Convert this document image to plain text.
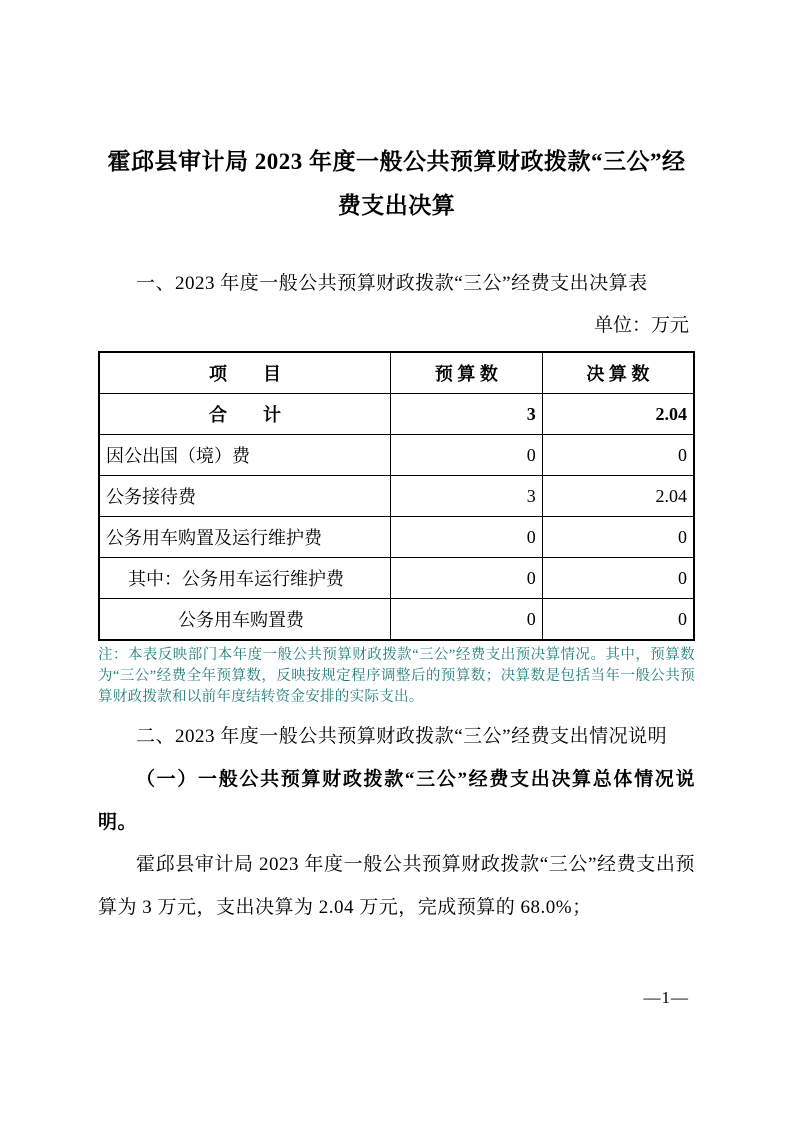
霍邱县审计局 2023 年度一般公共预算财政拨款“三公”经费支出决算

一、2023 年度一般公共预算财政拨款“三公”经费支出决算表

单位：万元

项　　目	预 算 数	决 算 数
合　　计	3	2.04
因公出国（境）费	0	0
公务接待费	3	2.04
公务用车购置及运行维护费	0	0
其中：公务用车运行维护费	0	0
公务用车购置费	0	0

注：本表反映部门本年度一般公共预算财政拨款“三公”经费支出预决算情况。其中，预算数为“三公”经费全年预算数，反映按规定程序调整后的预算数；决算数是包括当年一般公共预算财政拨款和以前年度结转资金安排的实际支出。

二、2023 年度一般公共预算财政拨款“三公”经费支出情况说明

（一）一般公共预算财政拨款“三公”经费支出决算总体情况说明。

霍邱县审计局 2023 年度一般公共预算财政拨款“三公”经费支出预算为 3 万元，支出决算为 2.04 万元，完成预算的 68.0%；

—1—
